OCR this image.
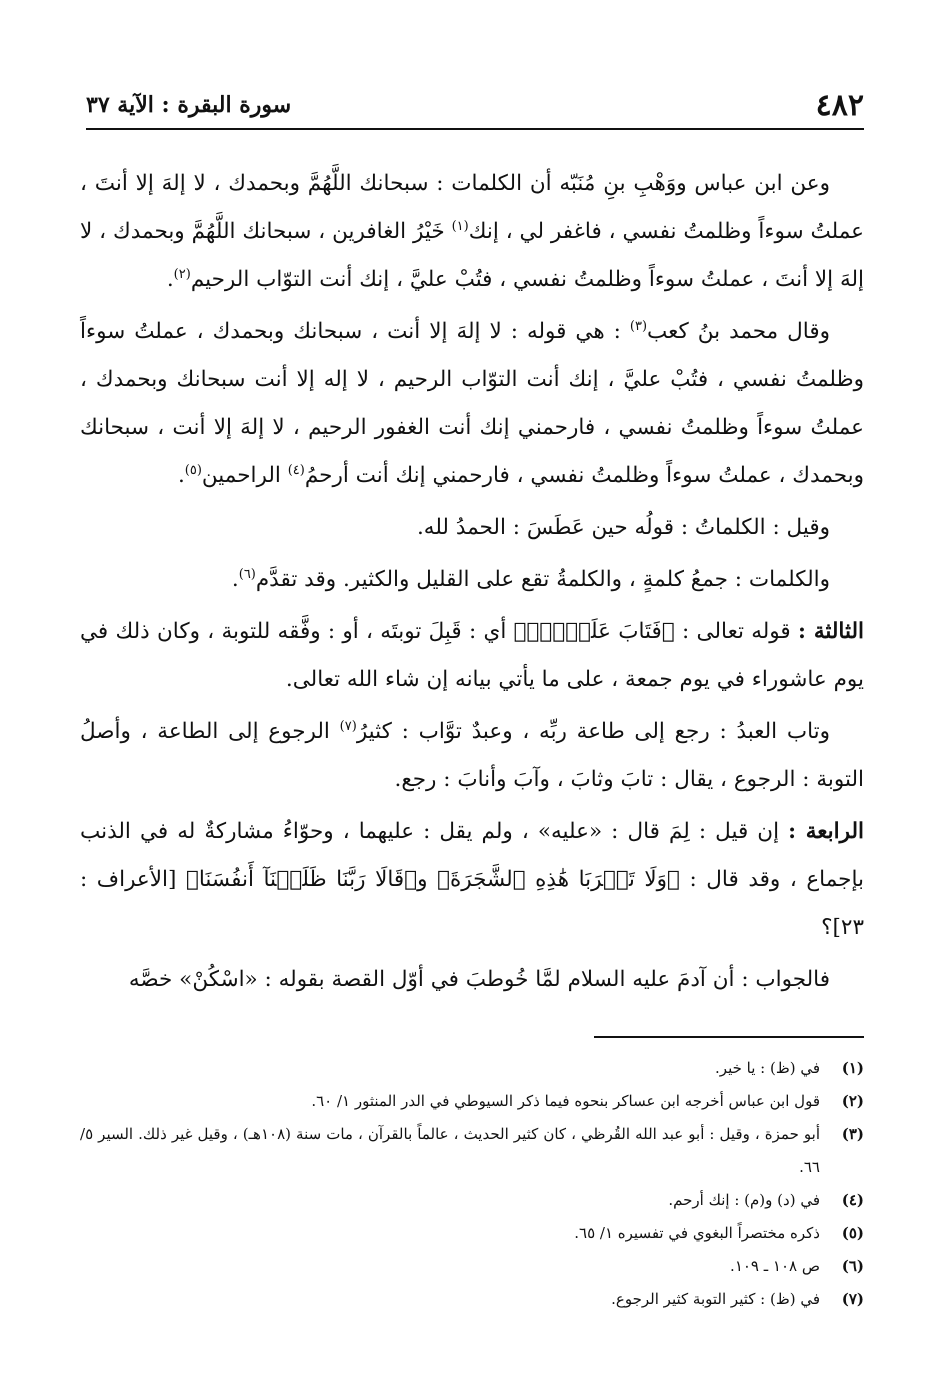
٤٨٢
سورة البقرة : الآية ٣٧

وعن ابن عباس ووَهْبِ بنِ مُنَبّه أن الكلمات : سبحانك اللَّهُمَّ وبحمدك ، لا إلهَ إلا أنتَ ، عملتُ سوءاً وظلمتُ نفسي ، فاغفر لي ، إنك$^{(١)}$ خَيْرُ الغافرين ، سبحانك اللَّهُمَّ وبحمدك ، لا إلهَ إلا أنتَ ، عملتُ سوءاً وظلمتُ نفسي ، فتُبْ عليَّ ، إنك أنت التوّاب الرحيم$^{(٢)}$.

وقال محمد بنُ كعب$^{(٣)}$ : هي قوله : لا إلهَ إلا أنت ، سبحانك وبحمدك ، عملتُ سوءاً وظلمتُ نفسي ، فتُبْ عليَّ ، إنك أنت التوّاب الرحيم ، لا إله إلا أنت سبحانك وبحمدك ، عملتُ سوءاً وظلمتُ نفسي ، فارحمني إنك أنت الغفور الرحيم ، لا إلهَ إلا أنت ، سبحانك وبحمدك ، عملتُ سوءاً وظلمتُ نفسي ، فارحمني إنك أنت أرحمُ$^{(٤)}$ الراحمين$^{(٥)}$.

وقيل : الكلماتُ : قولُه حين عَطَسَ : الحمدُ لله.

والكلمات : جمعُ كلمةٍ ، والكلمةُ تقع على القليل والكثير. وقد تقدَّم$^{(٦)}$.

الثالثة : قوله تعالى : ﴿فَتَابَ عَلَيۡهِۚ﴾ أي : قَبِلَ توبتَه ، أو : وفَّقه للتوبة ، وكان ذلك في يوم عاشوراء في يوم جمعة ، على ما يأتي بيانه إن شاء الله تعالى.

وتاب العبدُ : رجع إلى طاعة ربِّه ، وعبدٌ توَّاب : كثيرُ$^{(٧)}$ الرجوع إلى الطاعة ، وأصلُ التوبة : الرجوع ، يقال : تابَ وثابَ ، وآبَ وأنابَ : رجع.

الرابعة : إن قيل : لِمَ قال : «عليه» ، ولم يقل : عليهما ، وحوّاءُ مشاركةٌ له في الذنب بإجماع ، وقد قال : ﴿وَلَا تَقۡرَبَا هَٰذِهِ ٱلشَّجَرَةَ﴾ و﴿قَالَا رَبَّنَا ظَلَمۡنَآ أَنفُسَنَا﴾ [الأعراف : ٢٣]؟

فالجواب : أن آدمَ عليه السلام لمَّا خُوطبَ في أوّل القصة بقوله : «اسْكُنْ» خصَّه

(١)
في (ظ) : يا خير.
(٢)
قول ابن عباس أخرجه ابن عساكر بنحوه فيما ذكر السيوطي في الدر المنثور ١/ ٦٠.
(٣)
أبو حمزة ، وقيل : أبو عبد الله القُرظي ، كان كثير الحديث ، عالماً بالقرآن ، مات سنة (١٠٨هـ) ، وقيل غير ذلك. السير ٥/ ٦٦.
(٤)
في (د) و(م) : إنك أرحم.
(٥)
ذكره مختصراً البغوي في تفسيره ١/ ٦٥.
(٦)
ص ١٠٨ ـ ١٠٩.
(٧)
في (ظ) : كثير التوبة كثير الرجوع.
